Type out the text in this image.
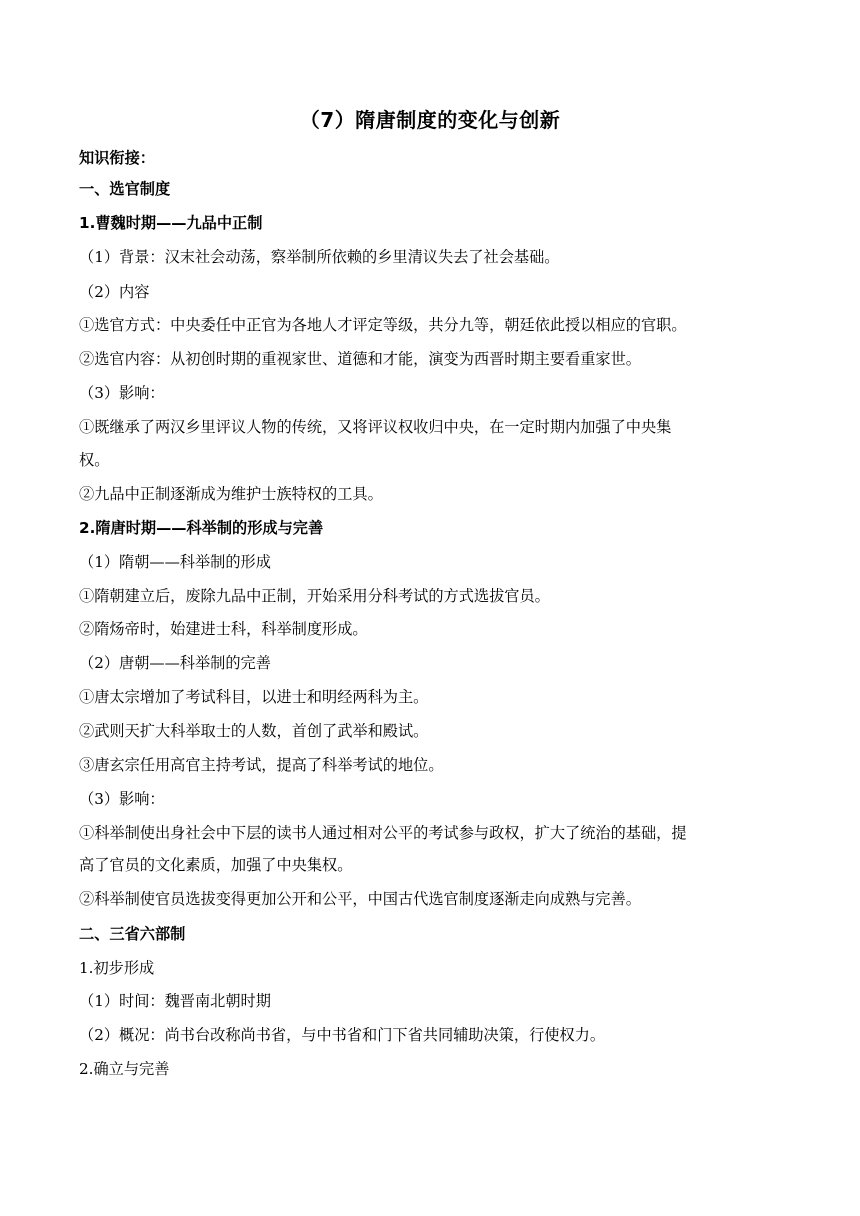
（7）隋唐制度的变化与创新
知识衔接：
一、选官制度
1.曹魏时期——九品中正制
（1）背景：汉末社会动荡，察举制所依赖的乡里清议失去了社会基础。
（2）内容
①选官方式：中央委任中正官为各地人才评定等级，共分九等，朝廷依此授以相应的官职。
②选官内容：从初创时期的重视家世、道德和才能，演变为西晋时期主要看重家世。
（3）影响：
①既继承了两汉乡里评议人物的传统，又将评议权收归中央，在一定时期内加强了中央集
权。
②九品中正制逐渐成为维护士族特权的工具。
2.隋唐时期——科举制的形成与完善
（1）隋朝——科举制的形成
①隋朝建立后，废除九品中正制，开始采用分科考试的方式选拔官员。
②隋炀帝时，始建进士科，科举制度形成。
（2）唐朝——科举制的完善
①唐太宗增加了考试科目，以进士和明经两科为主。
②武则天扩大科举取士的人数，首创了武举和殿试。
③唐玄宗任用高官主持考试，提高了科举考试的地位。
（3）影响：
①科举制使出身社会中下层的读书人通过相对公平的考试参与政权，扩大了统治的基础，提
高了官员的文化素质，加强了中央集权。
②科举制使官员选拔变得更加公开和公平，中国古代选官制度逐渐走向成熟与完善。
二、三省六部制
1.初步形成
（1）时间：魏晋南北朝时期
（2）概况：尚书台改称尚书省，与中书省和门下省共同辅助决策，行使权力。
2.确立与完善
